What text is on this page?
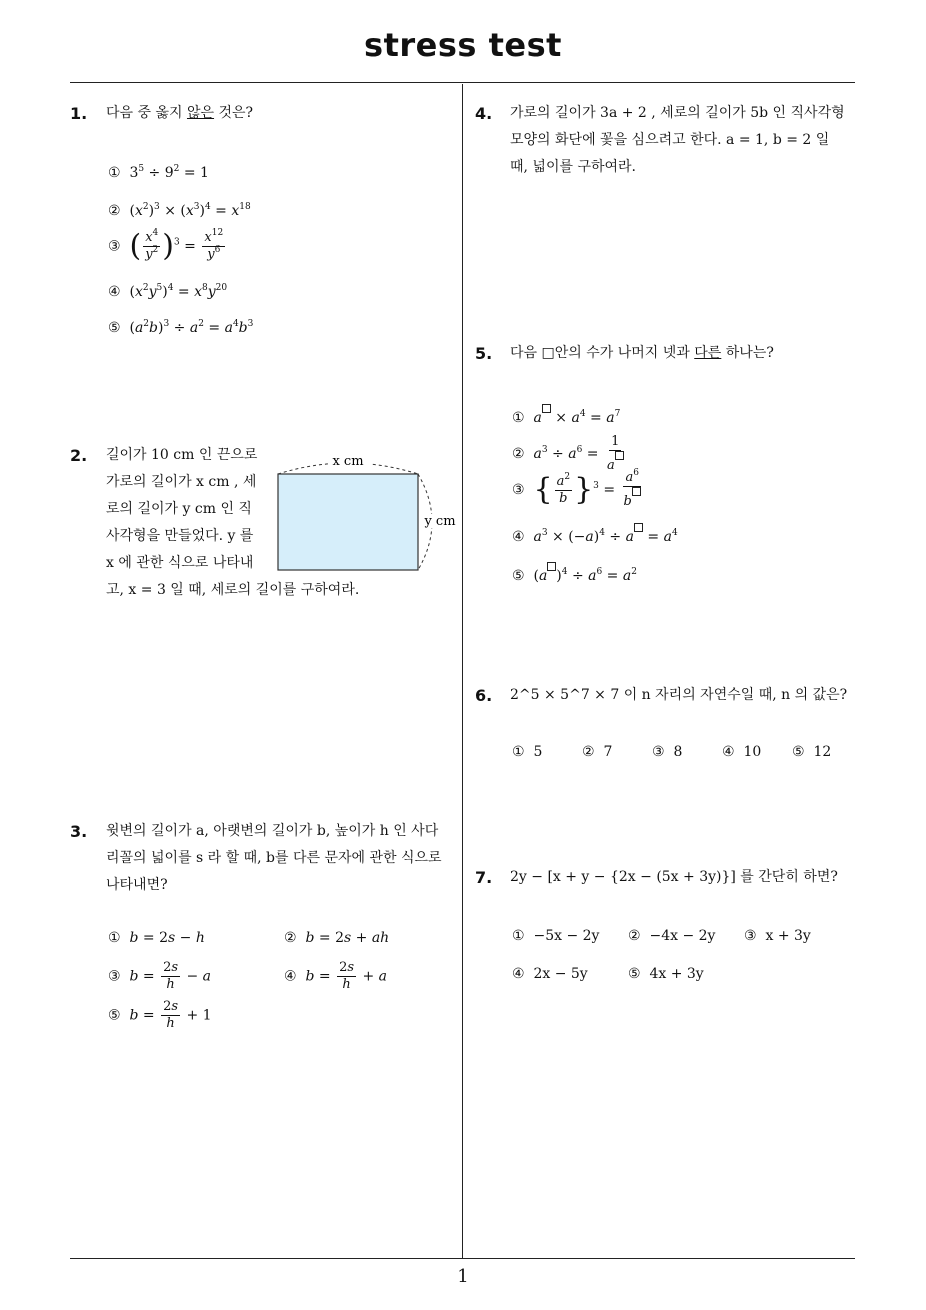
stress test
1
1. 다음 중 옳지 않은 것은?
①  $3^5 \div 9^2 = 1$
②  $(x^2)^3 \times (x^3)^4 = x^{18}$
③ ( $\frac{x^4}{y^2} )^3 = \frac{x^{12}}{y^6}$
④  $(x^2y^5)^4 = x^8y^{20}$
⑤  $(a^2b)^3 \div a^2 = a^4b^3$
2. 길이가 10 cm 인 끈으로
가로의 길이가 x cm , 세
로의 길이가 y cm 인 직
사각형을 만들었다. y 를
x 에 관한 식으로 나타내
고, x = 3 일 때, 세로의 길이를 구하여라.
x cm
y cm
3. 윗변의 길이가 a, 아랫변의 길이가 b, 높이가 h 인 사다
리꼴의 넓이를 s 라 할 때, b를 다른 문자에 관한 식으로
나타내면?
① b = 2s − h	② b = 2s + ah
③ $b = \frac{2s}{h} - a$	④ $b = \frac{2s}{h} + a$
⑤ $b = \frac{2s}{h} + 1$
4. 가로의 길이가 3a + 2 , 세로의 길이가 5b 인 직사각형
모양의 화단에 꽃을 심으려고 한다. a = 1, b = 2 일
때, 넓이를 구하여라.
5. 다음 □안의 수가 나머지 넷과 다른 하나는?
① $a \times a^4 = a^7$
② $a^3 \div a^6 = \frac{1}{a}$
③ { $\frac{a^2}{b} \}^3 = \frac{a^6}{b}$
④ $a^3 \times (-a)^4 \div a = a^4$
⑤  (a )$^4 \div a^6 = a^2$
6. 2^5 × 5^7 × 7 이 n 자리의 자연수일 때, n 의 값은?
① 5	② 7	③ 8	④ 10 ⑤ 12
7. 2y − [x + y − {2x − (5x + 3y)}] 를 간단히 하면?
① −5x − 2y ② −4x − 2y ③ x + 3y
④ 2x − 5y	⑤ 4x + 3y
